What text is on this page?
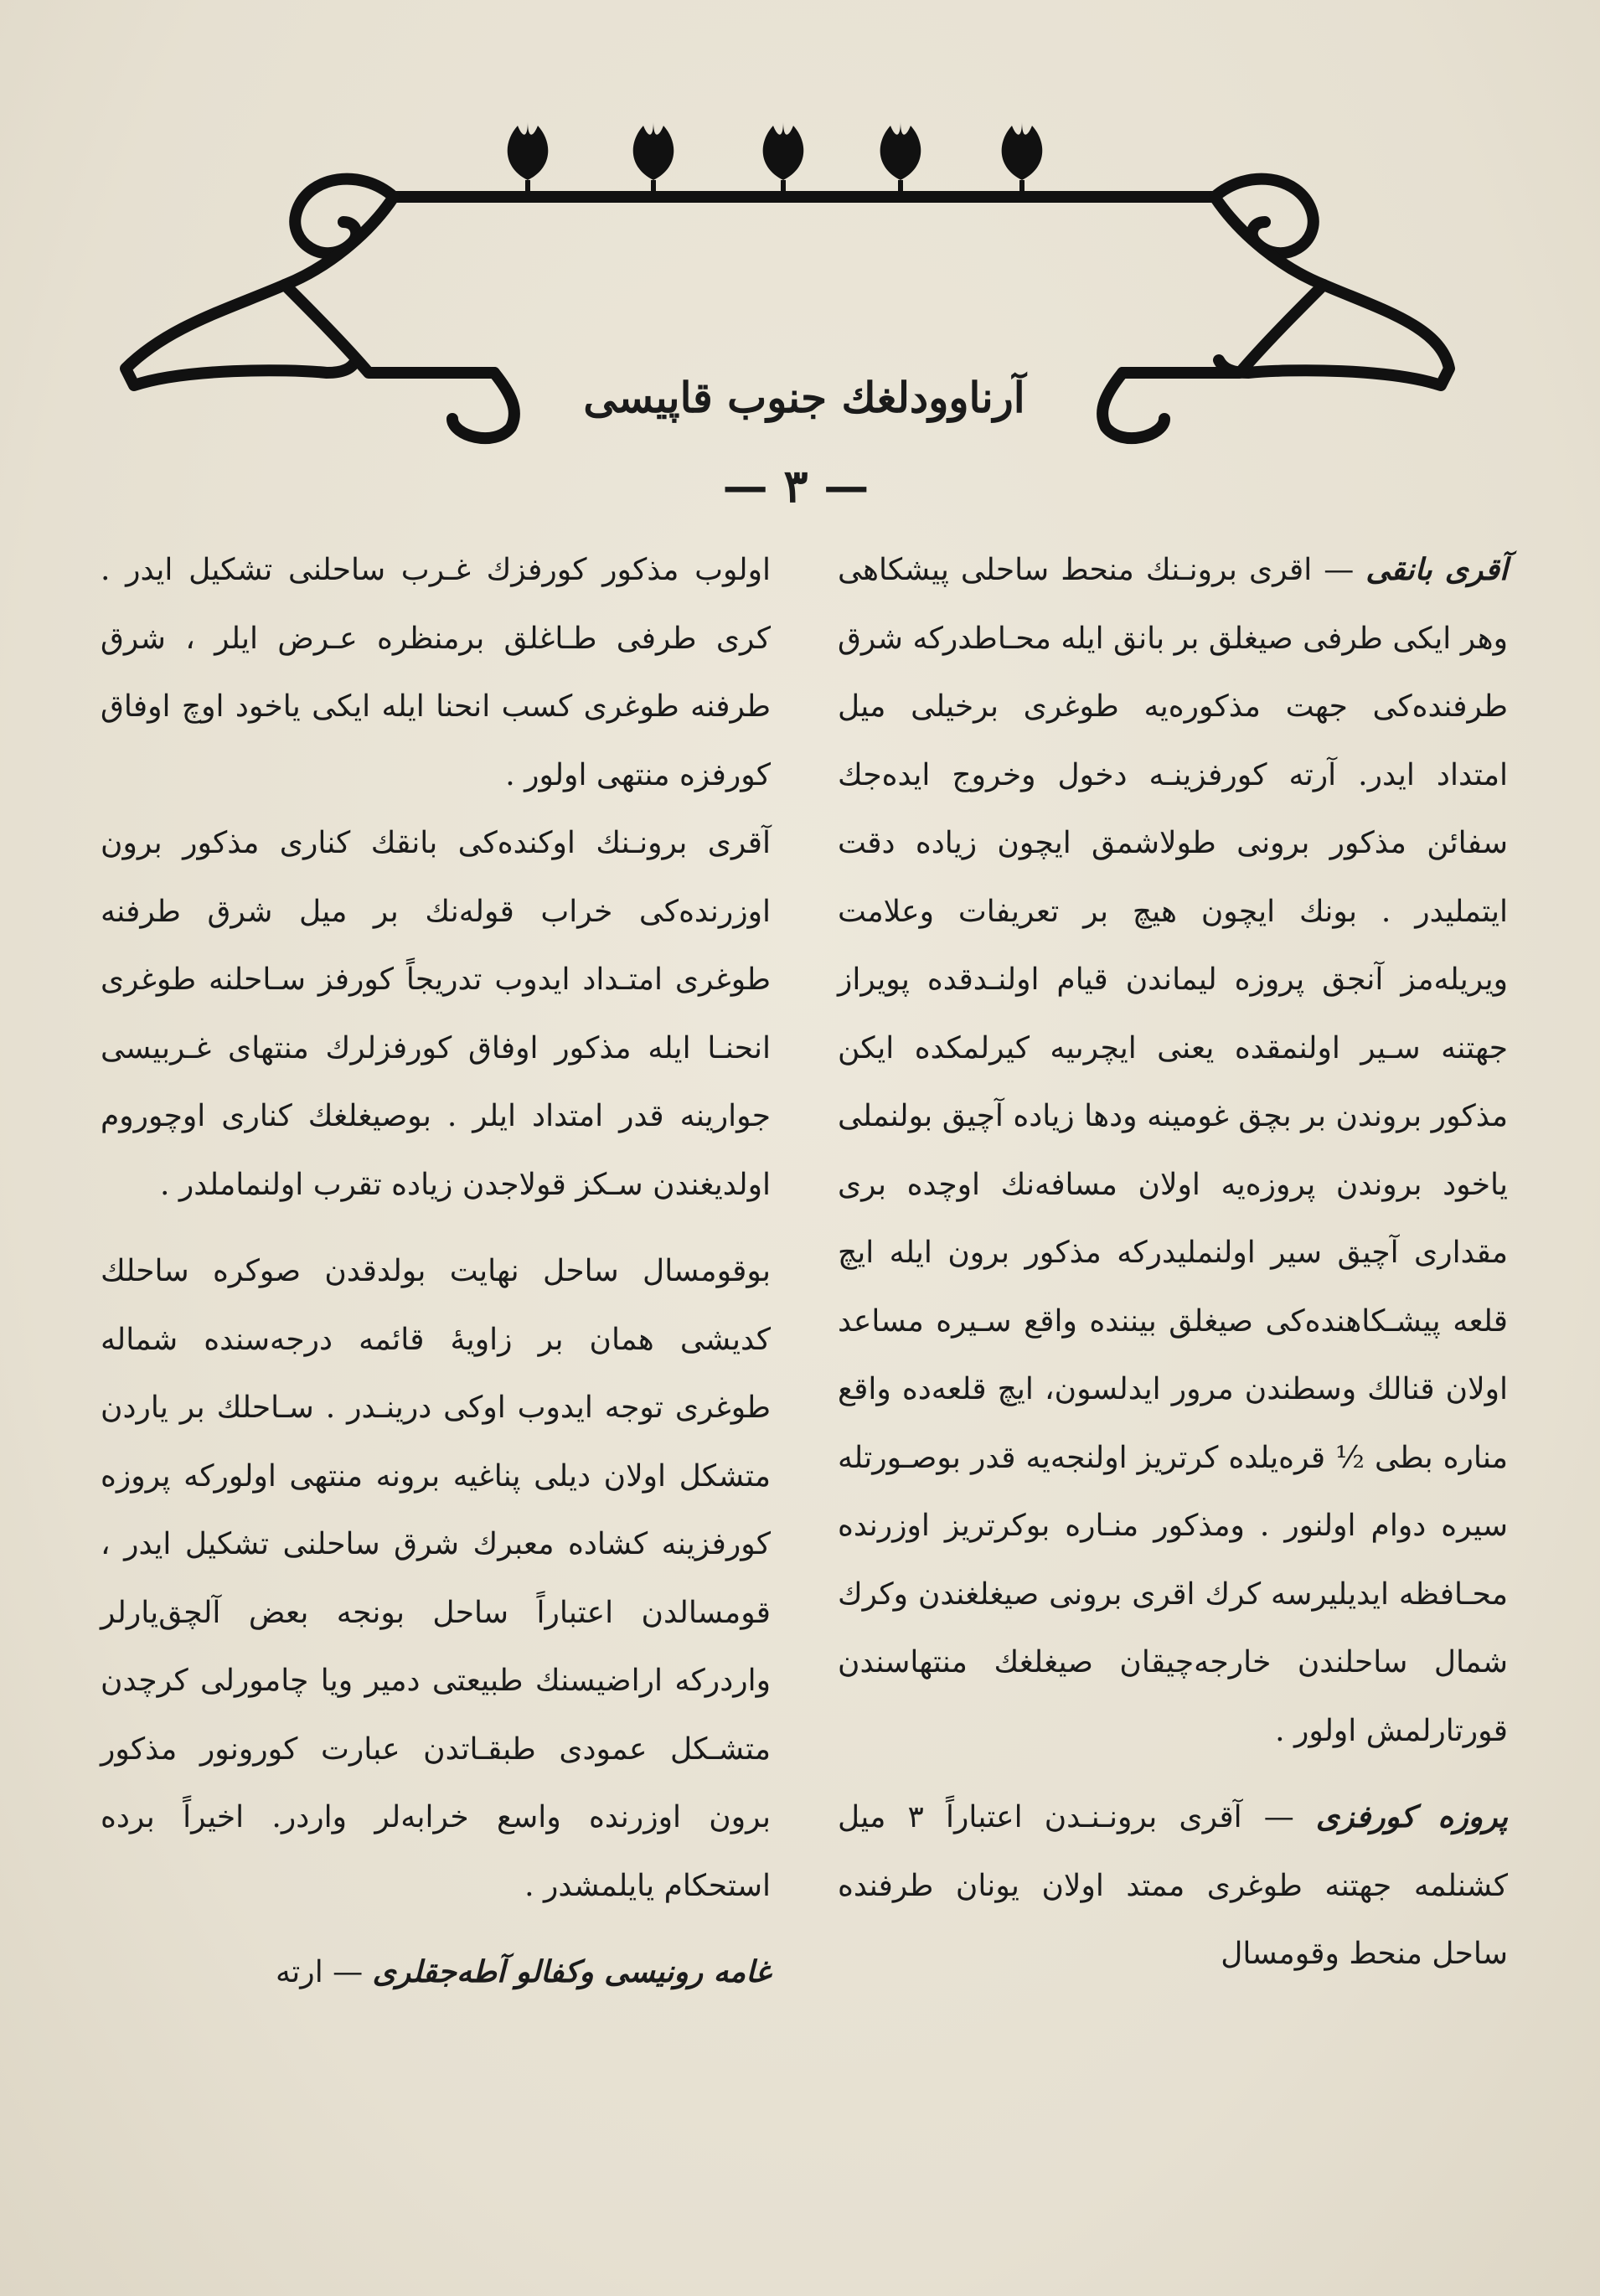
آرناوودلغك جنوب قاپيسى
— ٣ —

آقرى بانقى — اقرى برونـنك منحط ساحلى پيشكاهى وهر ايكى طرفى صيغلق بر بانق ايله محـاطدركه شرق طرفندەكى جهت مذكورەيه طوغرى برخيلى ميل امتداد ايدر. آرته كورفزينـه دخول وخروج ايدەجك سفائن مذكور برونى طولاشمق ايچون زيادە دقت ايتمليدر . بونك ايچون هيچ بر تعريفات وعلامت ويريلەمز آنجق پروزە ليماندن قيام اولنـدقده پويراز جهتنه سـير اولنمقده يعنى ايچرىيه كيرلمكدە ايكن مذكور بروندن بر بچق غومينه ودها زيادە آچيق بولنملى ياخود بروندن پروزەيه اولان مسافەنك اوچده برى مقدارى آچيق سير اولنمليدركه مذكور برون ايله ايچ قلعه پيشـكاهندەكى صيغلق بيننده واقع سـيره مساعد اولان قنالك وسطندن مرور ايدلسون، ايچ قلعەده واقع مناره بطى ½ قره‌يلده كرتريز اولنجه‌يه قدر بوصـورتله سيره دوام اولنور . ومذكور منـاره بوكرتريز اوزرنده محـافظه ايديليرسه كرك اقرى برونى صيغلغندن وكرك شمال ساحلندن خارجه‌چيقان صيغلغك منتهاسندن قورتارلمش اولور .

پروزە كورفزى — آقرى برونـنـدن اعتباراً ٣ ميل كشنلمه جهتنه طوغرى ممتد اولان يونان طرفنده ساحل منحط وقومسال

اولوب مذكور كورفزك غـرب ساحلنى تشكيل ايدر . كرى طرفى طـاغلق برمنظره عـرض ايلر ، شرق طرفنه طوغرى كسب انحنا ايله ايكى ياخود اوچ اوفاق كورفزه منتهى اولور .

آقرى برونـنك اوكندەكى بانقك كنارى مذكور برون اوزرندەكى خراب قولەنك بر ميل شرق طرفنه طوغرى امتـداد ايدوب تدريجاً كورفز سـاحلنه طوغرى انحنـا ايله مذكور اوفاق كورفزلرك منتهاى غـربيسى جوارينه قدر امتداد ايلر . بوصيغلغك كنارى اوچوروم اولديغندن سـكز قولاجدن زيادە تقرب اولنماملدر .

بوقومسال ساحل نهايت بولدقدن صوكره ساحلك كديشى همان بر زاويهٔ قائمه درجەسنده شماله طوغرى توجه ايدوب اوكى درينـدر . سـاحلك بر ياردن متشكل اولان ديلى پناغيه برونه منتهى اولوركه پروزە كورفزينه كشاده معبرك شرق ساحلنى تشكيل ايدر ، قومسالدن اعتباراً ساحل بونجه بعض آلچق‌يارلر واردركه اراضيسنك طبيعتى دمير ويا چامورلى كرچدن متشـكل عمودى طبقـاتدن عبارت كورونور مذكور برون اوزرنده واسع خرابەلر واردر. اخيراً برده استحكام يايلمشدر .

غامە رونيسى وكفالو آطەجقلرى — ارته
